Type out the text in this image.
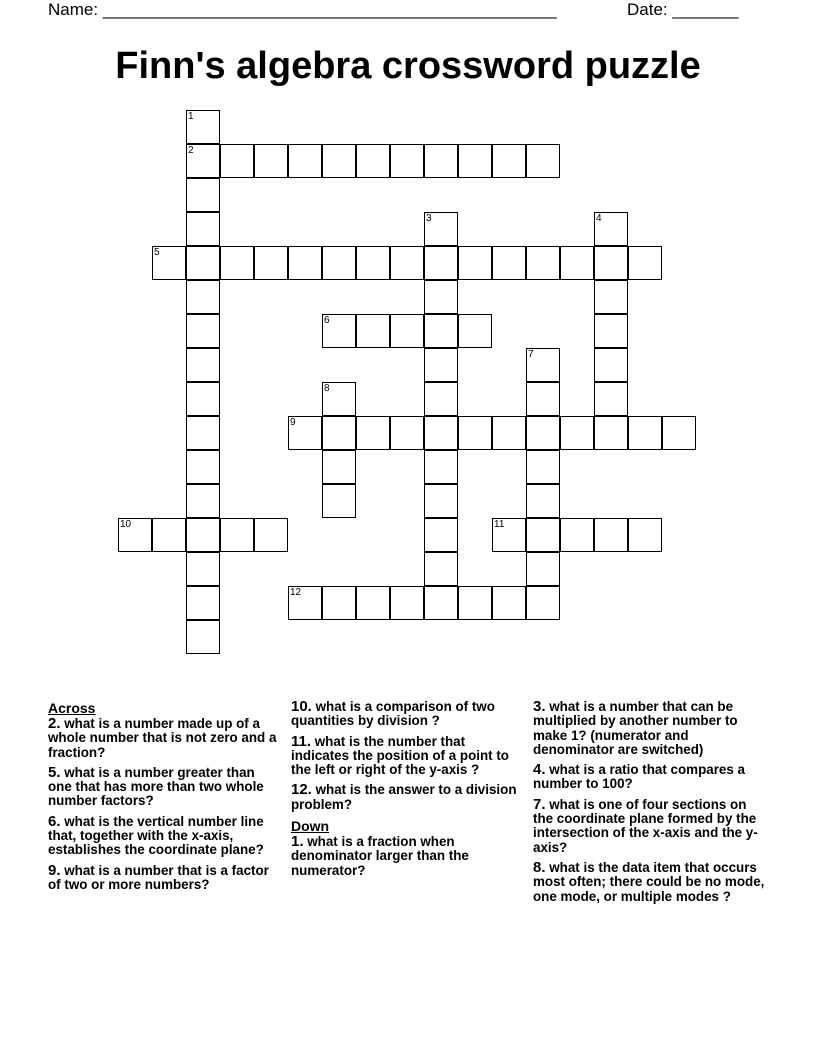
Name: ________________________________________________	Date: _______
Finn's algebra crossword puzzle
1
2
3	4
5
6
7
8
9
10	11
12
Across

2. what is a number made up of a whole number that is not zero and a fraction?

5. what is a number greater than one that has more than two whole number factors?

6. what is the vertical number line that, together with the x-axis, establishes the coordinate plane?

9. what is a number that is a factor of two or more numbers?

10. what is a comparison of two quantities by division ?

11. what is the number that indicates the position of a point to the left or right of the y-axis ?

12. what is the answer to a division problem?

Down

1. what is a fraction when denominator larger than the numerator?

3. what is a number that can be multiplied by another number to make 1? (numerator and denominator are switched)

4. what is a ratio that compares a number to 100?

7. what is one of four sections on the coordinate plane formed by the intersection of the x-axis and the y-axis?

8. what is the data item that occurs most often; there could be no mode, one mode, or multiple modes ?
